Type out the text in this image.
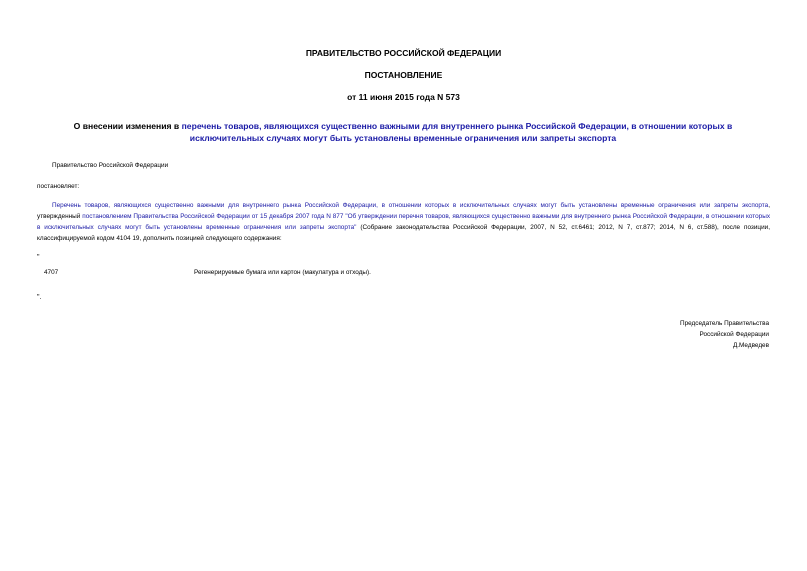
ПРАВИТЕЛЬСТВО РОССИЙСКОЙ ФЕДЕРАЦИИ
ПОСТАНОВЛЕНИЕ
от 11 июня 2015 года N 573
О внесении изменения в перечень товаров, являющихся существенно важными для внутреннего рынка Российской Федерации, в отношении которых в исключительных случаях могут быть установлены временные ограничения или запреты экспорта
Правительство Российской Федерации
постановляет:
Перечень товаров, являющихся существенно важными для внутреннего рынка Российской Федерации, в отношении которых в исключительных случаях могут быть установлены временные ограничения или запреты экспорта, утвержденный постановлением Правительства Российской Федерации от 15 декабря 2007 года N 877 "Об утверждении перечня товаров, являющихся существенно важными для внутреннего рынка Российской Федерации, в отношении которых в исключительных случаях могут быть установлены временные ограничения или запреты экспорта" (Собрание законодательства Российской Федерации, 2007, N 52, ст.6461; 2012, N 7, ст.877; 2014, N 6, ст.588), после позиции, классифицируемой кодом 4104 19, дополнить позицией следующего содержания:
"
4707	Регенерируемые бумага или картон (макулатура и отходы).
".
Председатель Правительства
Российской Федерации
Д.Медведев
